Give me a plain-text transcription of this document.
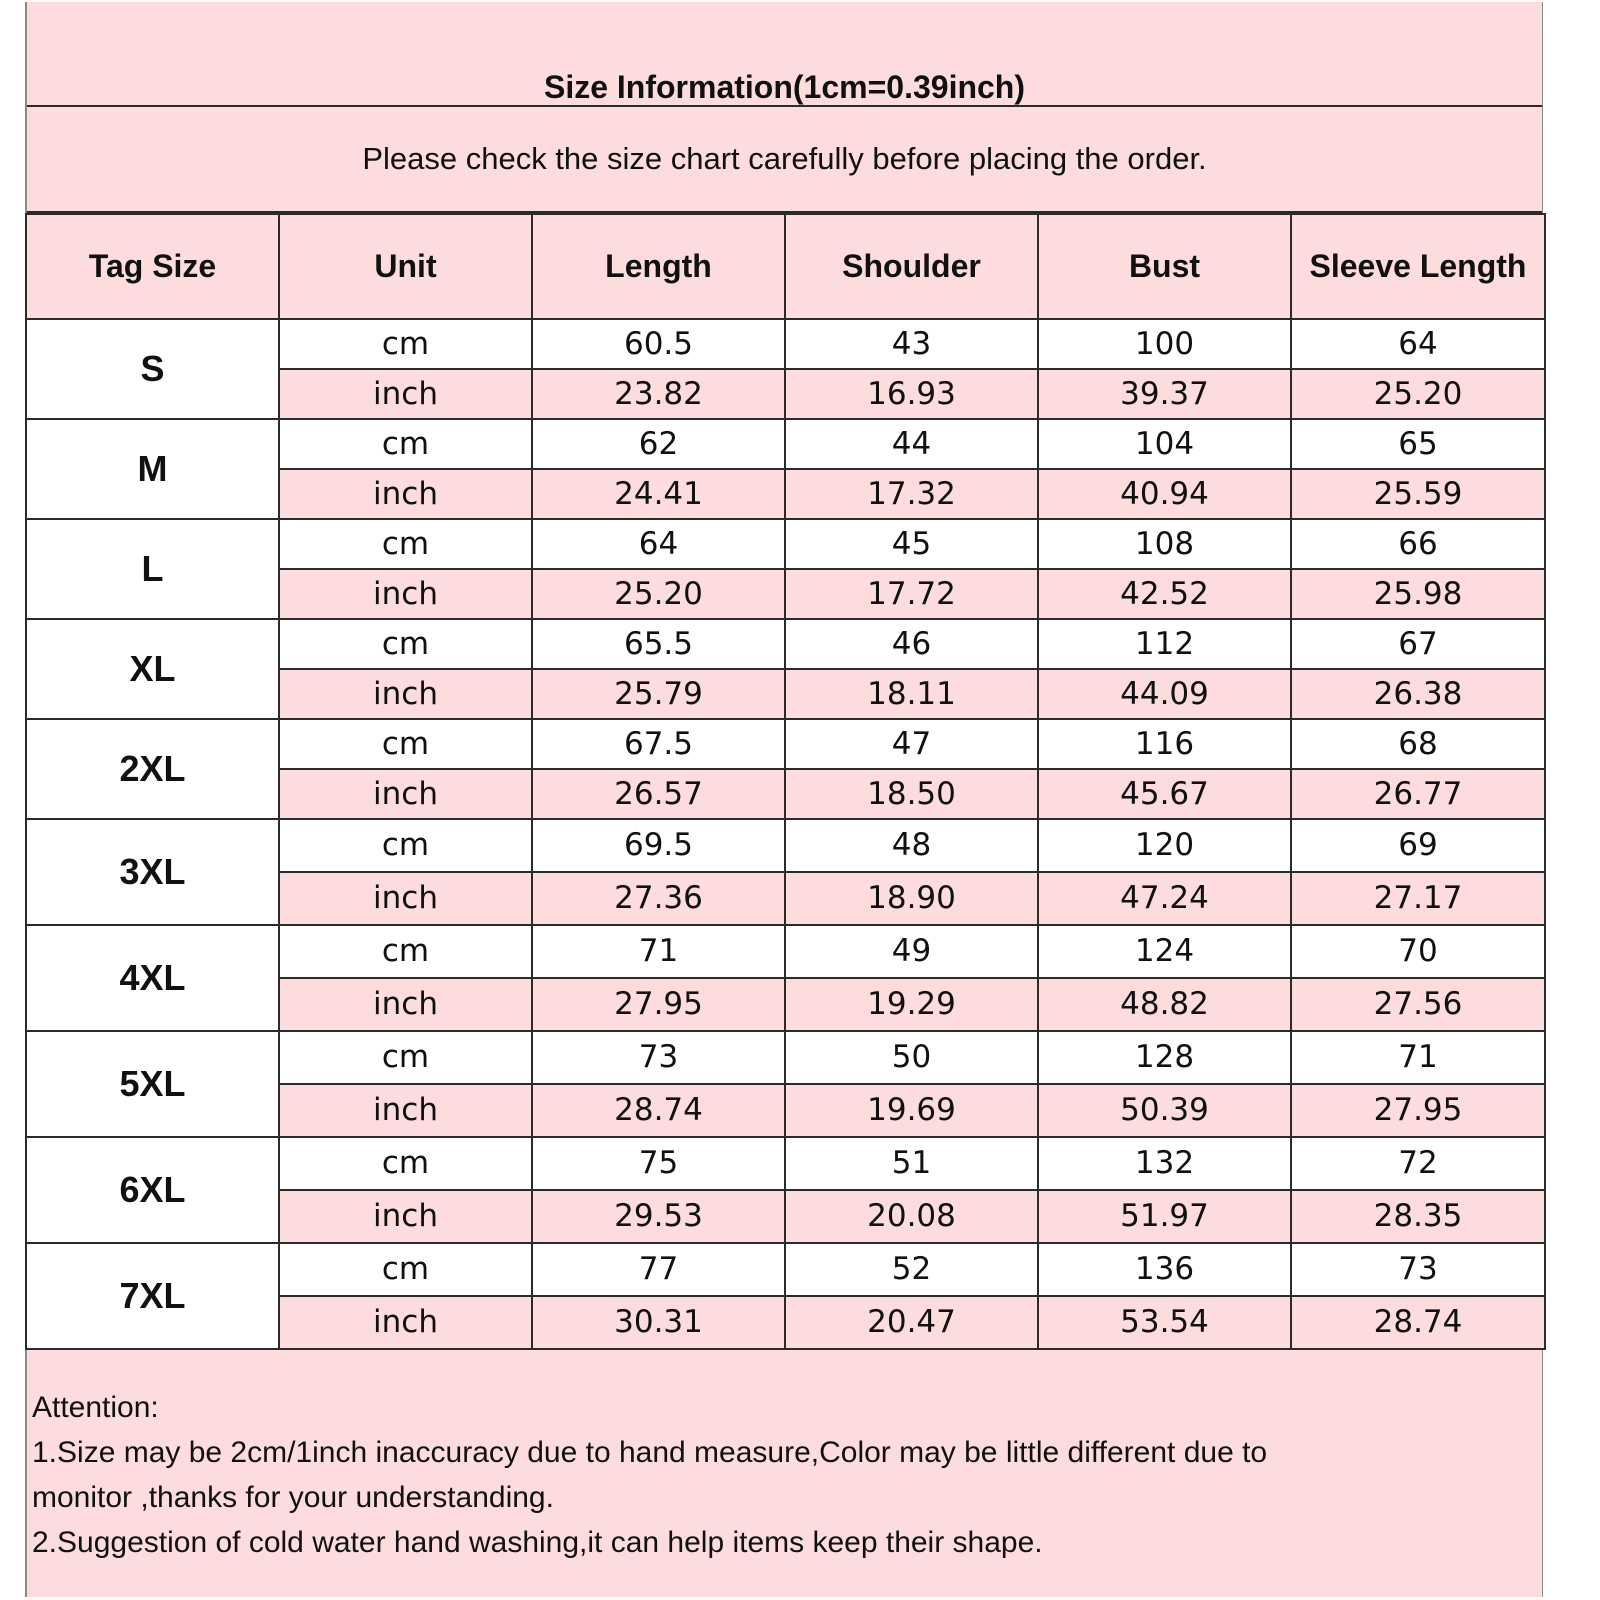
Size Information(1cm=0.39inch)
Please check the size chart carefully before placing the order.
Tag Size	Unit	Length	Shoulder	Bust	Sleeve Length
S	cm	60.5	43	100	64
	inch	23.82	16.93	39.37	25.20
M	cm	62	44	104	65
	inch	24.41	17.32	40.94	25.59
L	cm	64	45	108	66
	inch	25.20	17.72	42.52	25.98
XL	cm	65.5	46	112	67
	inch	25.79	18.11	44.09	26.38
2XL	cm	67.5	47	116	68
	inch	26.57	18.50	45.67	26.77
3XL	cm	69.5	48	120	69
	inch	27.36	18.90	47.24	27.17
4XL	cm	71	49	124	70
	inch	27.95	19.29	48.82	27.56
5XL	cm	73	50	128	71
	inch	28.74	19.69	50.39	27.95
6XL	cm	75	51	132	72
	inch	29.53	20.08	51.97	28.35
7XL	cm	77	52	136	73
	inch	30.31	20.47	53.54	28.74
Attention:
1.Size may be 2cm/1inch inaccuracy due to hand measure,Color may be little different due to
monitor ,thanks for your understanding.
2.Suggestion of cold water hand washing,it can help items keep their shape.
